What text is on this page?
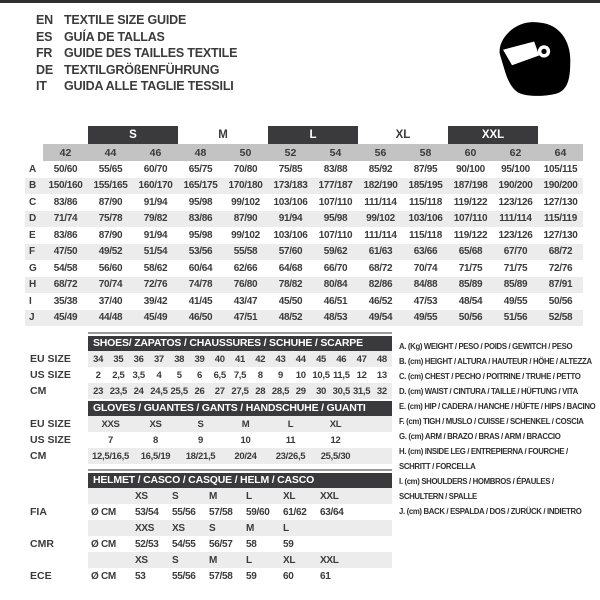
EN TEXTILE SIZE GUIDE
ES GUÍA DE TALLAS
FR GUIDE DES TAILLES TEXTILE
DE TEXTILGRÖßENFÜHRUNG
IT	GUIDA ALLE TAGLIE TESSILI
		S		M		L		XL		XXL		
	42	44	46	48	50	52	54	56	58	60	62	64
A	50/60	55/65	60/70	65/75	70/80	75/85	83/88	85/92	87/95	90/100	95/100	105/115
B	150/160	155/165	160/170	165/175	170/180	173/183	177/187	182/190	185/195	187/198	190/200	190/200
C	83/86	87/90	91/94	95/98	99/102	103/106	107/110	111/114	115/118	119/122	123/126	127/130
D	71/74	75/78	79/82	83/86	87/90	91/94	95/98	99/102	103/106	107/110	111/114	115/119
E	83/86	87/90	91/94	95/98	99/102	103/106	107/110	111/114	115/118	119/122	123/126	127/130
F	47/50	49/52	51/54	53/56	55/58	57/60	59/62	61/63	63/66	65/68	67/70	68/72
G	54/58	56/60	58/62	60/64	62/66	64/68	66/70	68/72	70/74	71/75	71/75	72/76
H	68/72	70/74	72/76	74/78	76/80	78/82	80/84	82/86	84/88	85/89	85/89	87/91
I	35/38	37/40	39/42	41/45	43/47	45/50	46/51	46/52	47/53	48/54	49/55	50/56
J	45/49	44/48	45/49	46/50	47/51	48/52	48/53	49/54	49/55	50/56	51/56	52/58
SHOES/ ZAPATOS / CHAUSSURES / SCHUHE / SCARPE
EU SIZE	34	35	36	37	38	39	40	41	42	43	44	45	46	47	48
US SIZE	2	2,5	3,5	4	5	6	6,5	7,5	8	9	10	10,5	11,5	12	13
CM	23	23,5	24	24,5	25,5	26	27	27,5	28	28,5	29	30	30,5	31,5	32
GLOVES / GUANTES / GANTS / HANDSCHUHE / GUANTI
EU SIZE	XXS	XS	S	M	L	XL	
US SIZE	7	8	9	10	11	12	
CM	12,5/16,5	16,5/19	18/21,5	20/24	23/26,5	25,5/30	
HELMET / CASCO / CASQUE / HELM / CASCO
		XS	S	M	L	XL	XXL	
FIA	Ø CM	53/54	55/56	57/58	59/60	61/62	63/64	
		XXS	XS	S	M	L		
CMR	Ø CM	52/53	54/55	56/57	58	59		
		XS	S	M	L	XL	XXL	
ECE	Ø CM	53	55/56	57/58	59	60	61	
A. (Kg) WEIGHT / PESO / POIDS / GEWITCH / PESO
B. (cm) HEIGHT / ALTURA / HAUTEUR / HÖHE / ALTEZZA
C. (cm) CHEST / PECHO / POITRINE / TRUHE / PETTO
D. (cm) WAIST / CINTURA / TAILLE / HÜFTUNG / VITA
E. (cm) HIP / CADERA / HANCHE / HÜFTE / HIPS / BACINO
F. (cm) TIGH / MUSLO / CUISSE / SCHENKEL / COSCIA
G. (cm) ARM / BRAZO / BRAS / ARM / BRACCIO
H. (cm) INSIDE LEG / ENTREPIERNA / FOURCHE /
SCHRITT / FORCELLA
I. (cm) SHOULDERS / HOMBROS / ÉPAULES /
SCHULTERN / SPALLE
J. (cm) BACK / ESPALDA / DOS / ZURÜCK / INDIETRO
